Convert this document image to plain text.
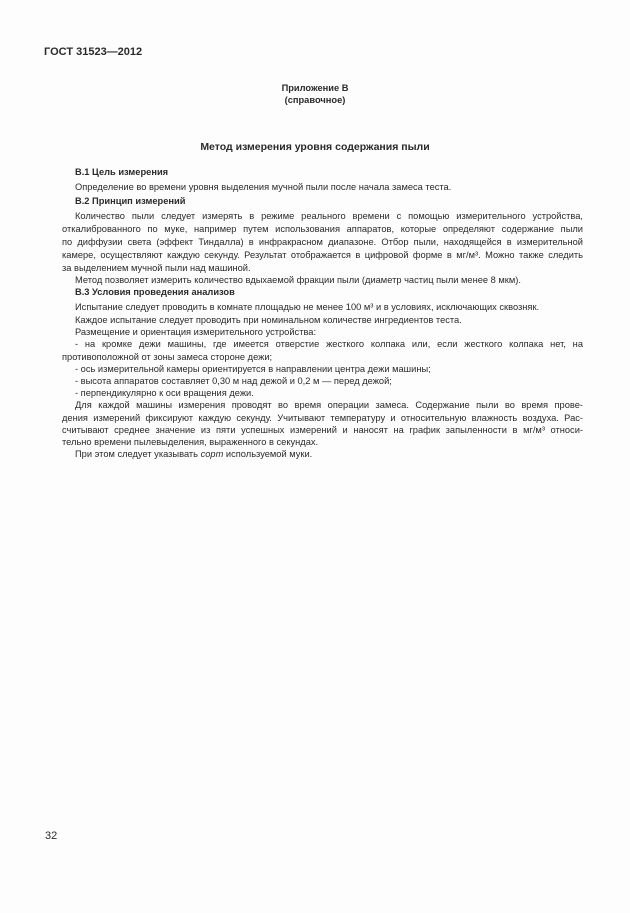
ГОСТ 31523—2012
Приложение В
(справочное)
Метод измерения уровня содержания пыли
В.1 Цель измерения
Определение во времени уровня выделения мучной пыли после начала замеса теста.
В.2 Принцип измерений
Количество пыли следует измерять в режиме реального времени с помощью измерительного устройства,
откалиброванного по муке, например путем использования аппаратов, которые определяют содержание пыли
по диффузии света (эффект Тиндалла) в инфракрасном диапазоне. Отбор пыли, находящейся в измерительной
камере, осуществляют каждую секунду. Результат отображается в цифровой форме в мг/м³. Можно также следить
за выделением мучной пыли над машиной.
Метод позволяет измерить количество вдыхаемой фракции пыли (диаметр частиц пыли менее 8 мкм).
В.3 Условия проведения анализов
Испытание следует проводить в комнате площадью не менее 100 м³ и в условиях, исключающих сквозняк.
Каждое испытание следует проводить при номинальном количестве ингредиентов теста.
Размещение и ориентация измерительного устройства:
- на кромке дежи машины, где имеется отверстие жесткого колпака или, если жесткого колпака нет, на
противоположной от зоны замеса стороне дежи;
- ось измерительной камеры ориентируется в направлении центра дежи машины;
- высота аппаратов составляет 0,30 м над дежой и 0,2 м — перед дежой;
- перпендикулярно к оси вращения дежи.
Для каждой машины измерения проводят во время операции замеса. Содержание пыли во время прове-
дения измерений фиксируют каждую секунду. Учитывают температуру и относительную влажность воздуха. Рас-
считывают среднее значение из пяти успешных измерений и наносят на график запыленности в мг/м³ относи-
тельно времени пылевыделения, выраженного в секундах.
При этом следует указывать сорт используемой муки.
32
